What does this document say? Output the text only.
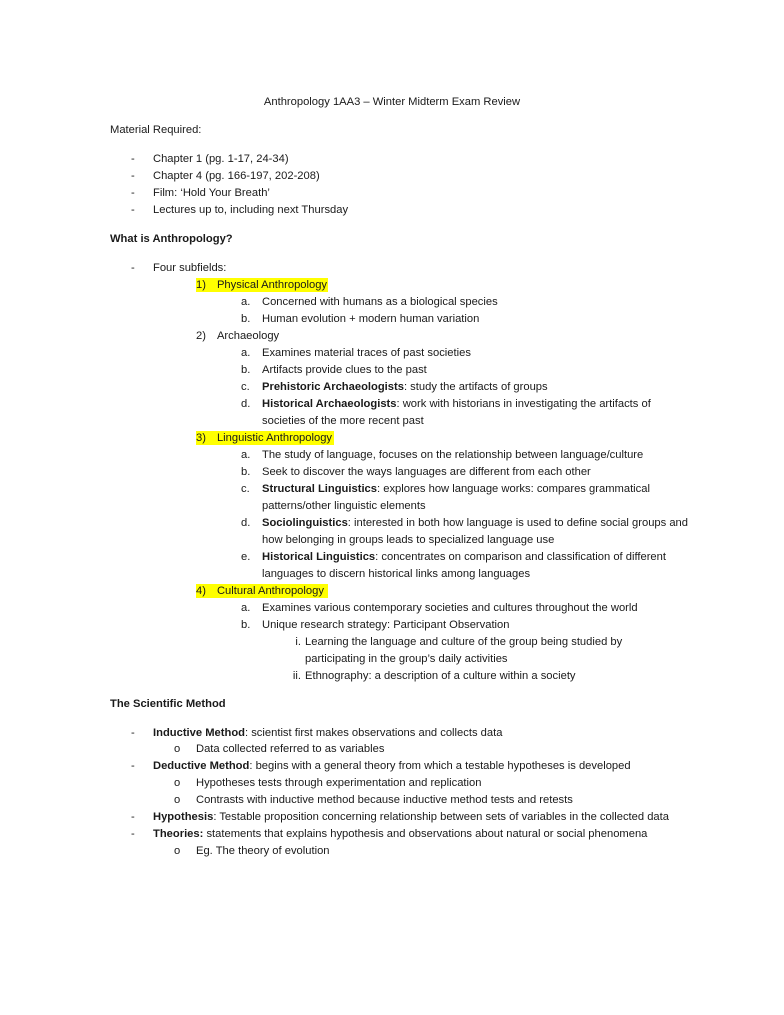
Anthropology 1AA3 – Winter Midterm Exam Review
Material Required:
- Chapter 1 (pg. 1-17, 24-34)
- Chapter 4 (pg. 166-197, 202-208)
- Film: ‘Hold Your Breath’
- Lectures up to, including next Thursday
What is Anthropology?
- Four subfields:
1) Physical Anthropology
a. Concerned with humans as a biological species
b. Human evolution + modern human variation
2) Archaeology
a. Examines material traces of past societies
b. Artifacts provide clues to the past
c. Prehistoric Archaeologists: study the artifacts of groups
d. Historical Archaeologists: work with historians in investigating the artifacts of
societies of the more recent past
3) Linguistic Anthropology
a. The study of language, focuses on the relationship between language/culture
b. Seek to discover the ways languages are different from each other
c. Structural Linguistics: explores how language works: compares grammatical
patterns/other linguistic elements
d. Sociolinguistics: interested in both how language is used to define social groups and
how belonging in groups leads to specialized language use
e. Historical Linguistics: concentrates on comparison and classification of different
languages to discern historical links among languages
4) Cultural Anthropology
a. Examines various contemporary societies and cultures throughout the world
b. Unique research strategy: Participant Observation
i. Learning the language and culture of the group being studied by
participating in the group’s daily activities
ii. Ethnography: a description of a culture within a society
The Scientific Method
- Inductive Method: scientist first makes observations and collects data
o Data collected referred to as variables
- Deductive Method: begins with a general theory from which a testable hypotheses is developed
o Hypotheses tests through experimentation and replication
o Contrasts with inductive method because inductive method tests and retests
- Hypothesis: Testable proposition concerning relationship between sets of variables in the collected data
- Theories: statements that explains hypothesis and observations about natural or social phenomena
o Eg. The theory of evolution
